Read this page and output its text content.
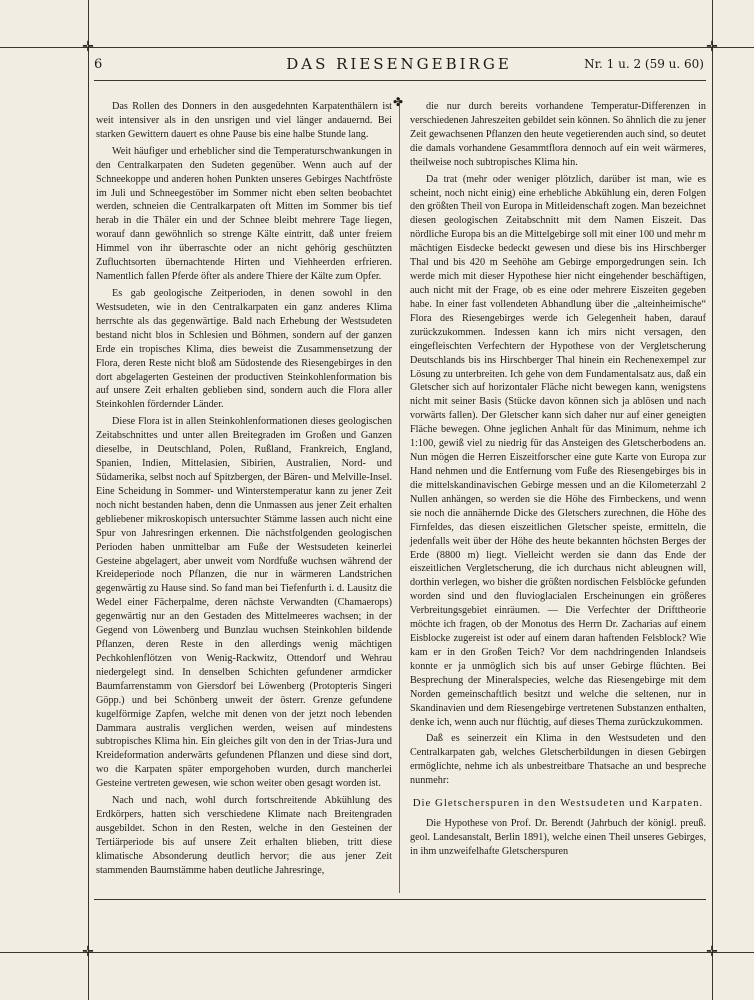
✛	✛
✛	✛
6	DAS RIESENGEBIRGE	Nr. 1 u. 2 (59 u. 60)
✤

Das Rollen des Donners in den ausgedehnten Karpatenthälern ist weit intensiver als in den unsrigen und viel länger andauernd. Bei starken Gewittern dauert es ohne Pause bis eine halbe Stunde lang.

Weit häufiger und erheblicher sind die Temperaturschwankungen in den Centralkarpaten den Sudeten gegenüber. Wenn auch auf der Schneekoppe und anderen hohen Punkten unseres Gebirges Nachtfröste im Juli und Schneegestöber im Sommer nicht eben selten beobachtet werden, schneien die Centralkarpaten oft Mitten im Sommer bis tief herab in die Thäler ein und der Schnee bleibt mehrere Tage liegen, worauf dann gewöhnlich so strenge Kälte eintritt, daß unter freiem Himmel von ihr überraschte oder an nicht gehörig geschützten Zufluchtsorten übernachtende Hirten und Viehheerden erfrieren. Namentlich fallen Pferde öfter als andere Thiere der Kälte zum Opfer.

Es gab geologische Zeitperioden, in denen sowohl in den Westsudeten, wie in den Centralkarpaten ein ganz anderes Klima herrschte als das gegenwärtige. Bald nach Erhebung der Westsudeten bestand nicht blos in Schlesien und Böhmen, sondern auf der ganzen Erde ein tropisches Klima, dies beweist die Zusammensetzung der Flora, deren Reste nicht bloß am Südostende des Riesengebirges in den dort abgelagerten Gesteinen der productiven Steinkohlenformation bis auf unsere Zeit erhalten geblieben sind, sondern auch die Flora aller Steinkohlen fördernder Länder.

Diese Flora ist in allen Steinkohlenformationen dieses geologischen Zeitabschnittes und unter allen Breitegraden im Großen und Ganzen dieselbe, in Deutschland, Polen, Rußland, Frankreich, England, Spanien, Indien, Mittelasien, Sibirien, Australien, Nord- und Südamerika, selbst noch auf Spitzbergen, der Bären- und Melville-Insel. Eine Scheidung in Sommer- und Winterstemperatur kann zu jener Zeit noch nicht bestanden haben, denn die Unmassen aus jener Zeit erhalten gebliebener mikroskopisch untersuchter Stämme lassen auch nicht eine Spur von Jahresringen erkennen. Die nächstfolgenden geologischen Perioden haben unmittelbar am Fuße der Westsudeten keinerlei Gesteine abgelagert, aber unweit vom Nordfuße wuchsen während der Kreideperiode noch Pflanzen, die nur in wärmeren Landstrichen gegenwärtig zu Hause sind. So fand man bei Tiefenfurth i. d. Lausitz die Wedel einer Fächerpalme, deren nächste Verwandten (Chamaerops) gegenwärtig nur an den Gestaden des Mittelmeeres wachsen; in der Gegend von Löwenberg und Bunzlau wuchsen Steinkohlen bildende Pflanzen, deren Reste in den allerdings wenig mächtigen Pechkohlenflötzen von Wenig-Rackwitz, Ottendorf und Wehrau niedergelegt sind. In denselben Schichten gefundener armdicker Baumfarrenstamm von Giersdorf bei Löwenberg (Protopteris Singeri Göpp.) und bei Schönberg unweit der österr. Grenze gefundene kugelförmige Zapfen, welche mit denen von der jetzt noch lebenden Dammara australis verglichen werden, weisen auf mindestens subtropisches Klima hin. Ein gleiches gilt von den in der Trias-Jura und Kreideformation anderwärts gefundenen Pflanzen und diese sind dort, wo die Karpaten später emporgehoben wurden, durch mancherlei Gesteine vertreten gewesen, wie schon weiter oben gesagt worden ist.

Nach und nach, wohl durch fortschreitende Abkühlung des Erdkörpers, hatten sich verschiedene Klimate nach Breitengraden ausgebildet. Schon in den Resten, welche in den Gesteinen der Tertiärperiode bis auf unsere Zeit erhalten blieben, tritt diese klimatische Absonderung deutlich hervor; die aus jener Zeit stammenden Baumstämme haben deutliche Jahresringe,

die nur durch bereits vorhandene Temperatur-Differenzen in verschiedenen Jahreszeiten gebildet sein können. So ähnlich die zu jener Zeit gewachsenen Pflanzen den heute vegetierenden auch sind, so deutet die damals vorhandene Gesammtflora dennoch auf ein weit wärmeres, theilweise noch subtropisches Klima hin.

Da trat (mehr oder weniger plötzlich, darüber ist man, wie es scheint, noch nicht einig) eine erhebliche Abkühlung ein, deren Folgen den größten Theil von Europa in Mitleidenschaft zogen. Man bezeichnet diesen geologischen Zeitabschnitt mit dem Namen Eiszeit. Das nördliche Europa bis an die Mittelgebirge soll mit einer 100 und mehr m mächtigen Eisdecke bedeckt gewesen und diese bis ins Hirschberger Thal und bis 420 m Seehöhe am Gebirge emporgedrungen sein. Ich werde mich mit dieser Hypothese hier nicht eingehender beschäftigen, auch nicht mit der Frage, ob es eine oder mehrere Eiszeiten gegeben habe. In einer fast vollendeten Abhandlung über die „alteinheimische“ Flora des Riesengebirges werde ich Gelegenheit haben, darauf zurückzukommen. Indessen kann ich mirs nicht versagen, den eingefleischten Verfechtern der Hypothese von der Vergletscherung Deutschlands bis ins Hirschberger Thal hinein ein Rechenexempel zur Lösung zu unterbreiten. Ich gehe von dem Fundamentalsatz aus, daß ein Gletscher sich auf horizontaler Fläche nicht bewegen kann, wenigstens nicht mit seiner Basis (Stücke davon können sich ja ablösen und nach vorwärts fallen). Der Gletscher kann sich daher nur auf einer geneigten Fläche bewegen. Ohne jeglichen Anhalt für das Minimum, nehme ich 1:100, gewiß viel zu niedrig für das Ansteigen des Gletscherbodens an. Nun mögen die Herren Eiszeitforscher eine gute Karte von Europa zur Hand nehmen und die Entfernung vom Fuße des Riesengebirges bis in die mittelskandinavischen Gebirge messen und an die Kilometerzahl 2 Nullen anhängen, so werden sie die Höhe des Firnbeckens, und wenn sie noch die annähernde Dicke des Gletschers zurechnen, die Höhe des Firnfeldes, das diesen eiszeitlichen Gletscher speiste, ermitteln, die jedenfalls weit über der Höhe des heute bekannten höchsten Berges der Erde (8800 m) liegt. Vielleicht werden sie dann das Ende der eiszeitlichen Vergletscherung, die ich durchaus nicht ableugnen will, dorthin verlegen, wo bisher die größten nordischen Felsblöcke gefunden worden sind und den fluvioglacialen Erscheinungen ein größeres Verbreitungsgebiet einräumen. — Die Verfechter der Drifttheorie möchte ich fragen, ob der Monotus des Herrn Dr. Zacharias auf einem Eisblocke zugereist ist oder auf einem daran haftenden Felsblock? Wie kam er in den Großen Teich? Vor dem nachdringenden Inlandseis konnte er ja unmöglich sich bis auf unser Gebirge flüchten. Bei Besprechung der Mineralspecies, welche das Riesengebirge mit dem Norden gemeinschaftlich besitzt und welche die seltenen, nur in Skandinavien und dem Riesengebirge vertretenen Substanzen enthalten, denke ich, wenn auch nur flüchtig, auf dieses Thema zurückzukommen.

Daß es seinerzeit ein Klima in den Westsudeten und den Centralkarpaten gab, welches Gletscherbildungen in diesen Gebirgen ermöglichte, nehme ich als unbestreitbare Thatsache an und bespreche nunmehr:

Die Gletscherspuren in den Westsudeten und Karpaten.

Die Hypothese von Prof. Dr. Berendt (Jahrbuch der königl. preuß. geol. Landesanstalt, Berlin 1891), welche einen Theil unseres Gebirges, in ihm unzweifelhafte Gletscherspuren
